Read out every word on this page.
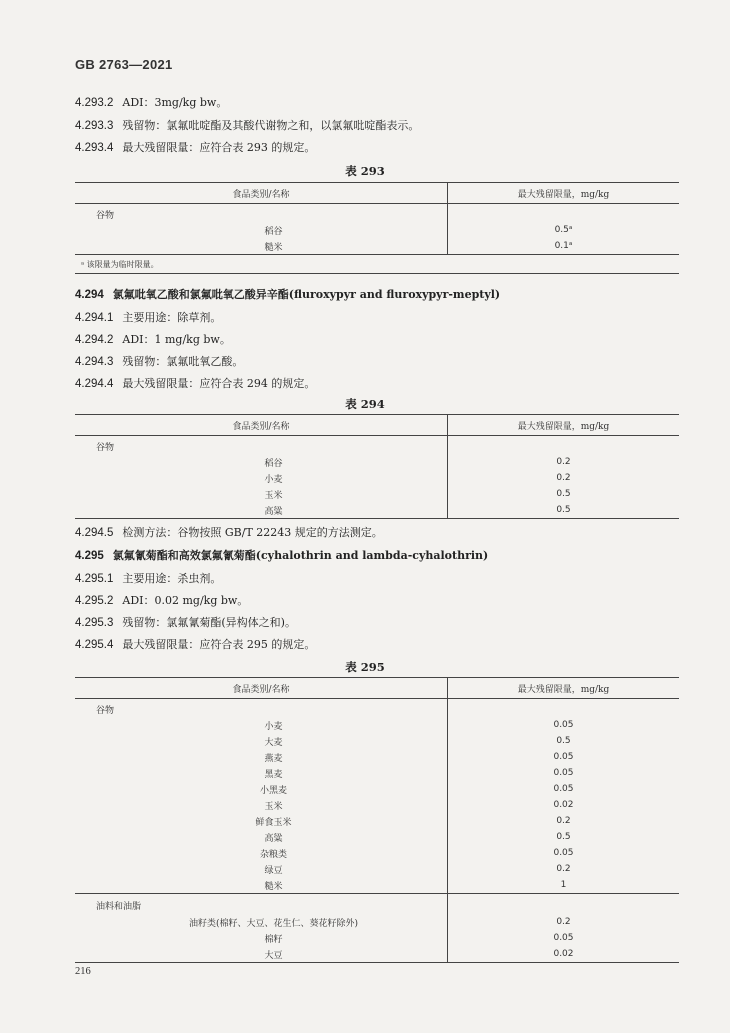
GB 2763—2021
4.293.2 ADI：3mg/kg bw。
4.293.3 残留物：氯氟吡啶酯及其酸代谢物之和，以氯氟吡啶酯表示。
4.293.4 最大残留限量：应符合表 293 的规定。
表 293
食品类别/名称	最大残留限量，mg/kg
谷物	
稻谷	0.5ᵃ
糙米	0.1ᵃ
ᵃ 该限量为临时限量。	
4.294 氯氟吡氧乙酸和氯氟吡氧乙酸异辛酯(fluroxypyr and fluroxypyr-meptyl)
4.294.1 主要用途：除草剂。
4.294.2 ADI：1 mg/kg bw。
4.294.3 残留物：氯氟吡氧乙酸。
4.294.4 最大残留限量：应符合表 294 的规定。
表 294
食品类别/名称	最大残留限量，mg/kg
谷物	
稻谷	0.2
小麦	0.2
玉米	0.5
高粱	0.5
4.294.5 检测方法：谷物按照 GB/T 22243 规定的方法测定。
4.295 氯氟氰菊酯和高效氯氟氰菊酯(cyhalothrin and lambda-cyhalothrin)
4.295.1 主要用途：杀虫剂。
4.295.2 ADI：0.02 mg/kg bw。
4.295.3 残留物：氯氟氰菊酯(异构体之和)。
4.295.4 最大残留限量：应符合表 295 的规定。
表 295
食品类别/名称	最大残留限量，mg/kg
谷物	
小麦	0.05
大麦	0.5
燕麦	0.05
黑麦	0.05
小黑麦	0.05
玉米	0.02
鲜食玉米	0.2
高粱	0.5
杂粮类	0.05
绿豆	0.2
糙米	1
油料和油脂	
油籽类(棉籽、大豆、花生仁、葵花籽除外)	0.2
棉籽	0.05
大豆	0.02
216
